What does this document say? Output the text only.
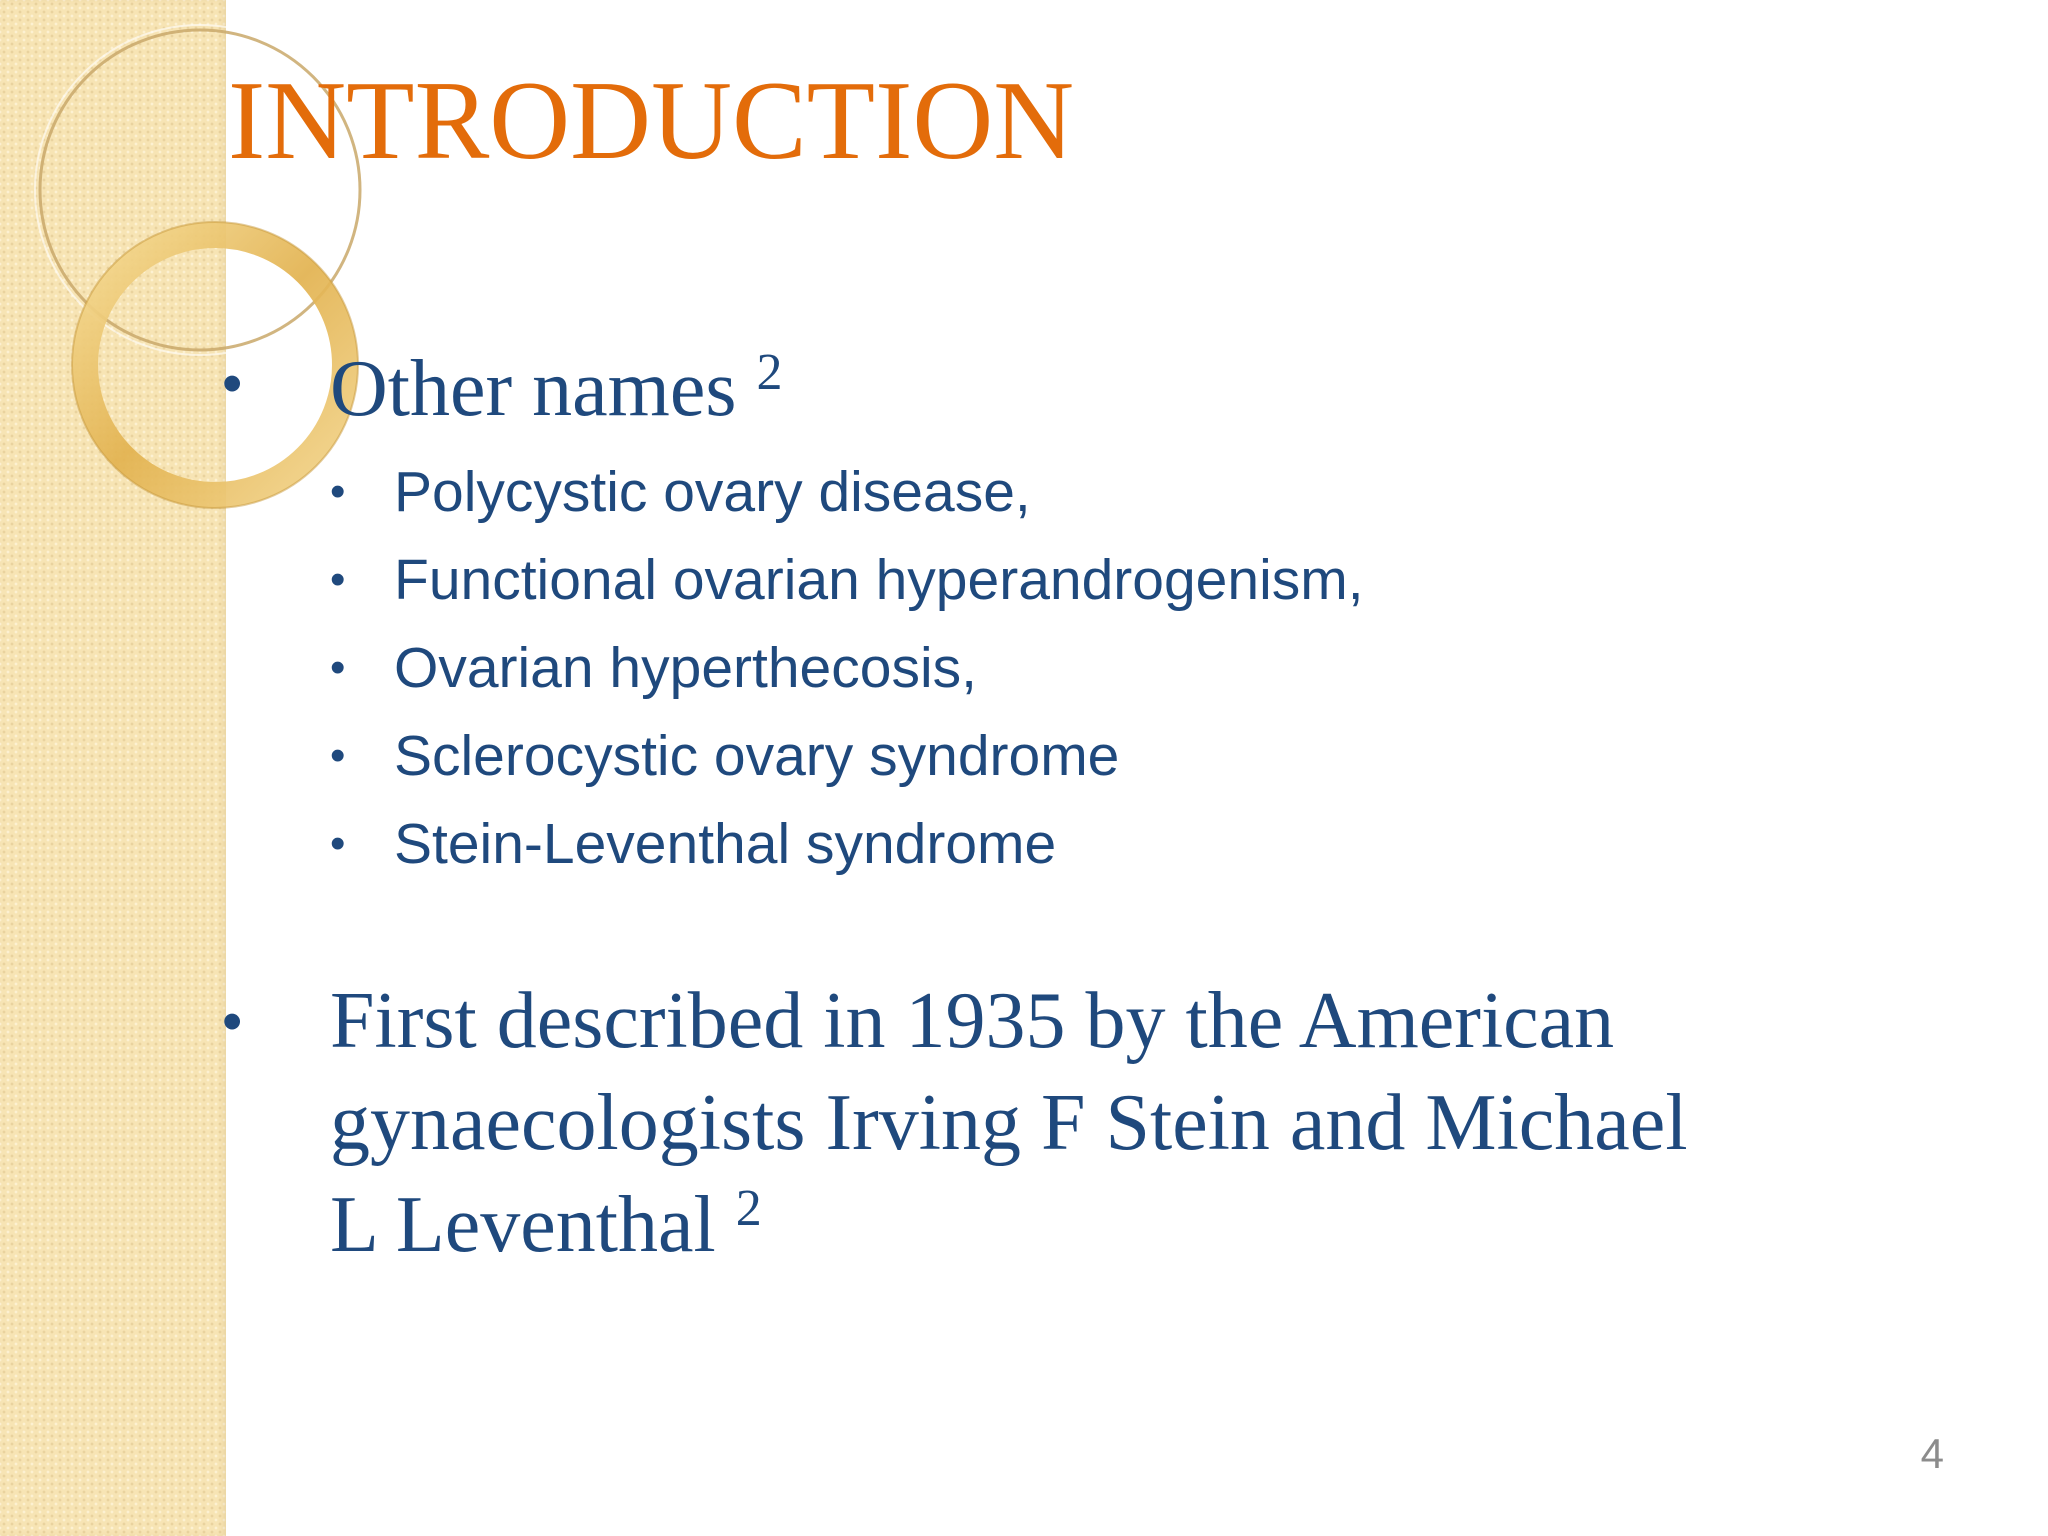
INTRODUCTION
• Other names $^2$
• Polycystic ovary disease,
• Functional ovarian hyperandrogenism,
• Ovarian hyperthecosis,
• Sclerocystic ovary syndrome
• Stein-Leventhal syndrome
• First described in 1935 by the American
gynaecologists Irving F Stein and Michael
L Leventhal $^2$
4
